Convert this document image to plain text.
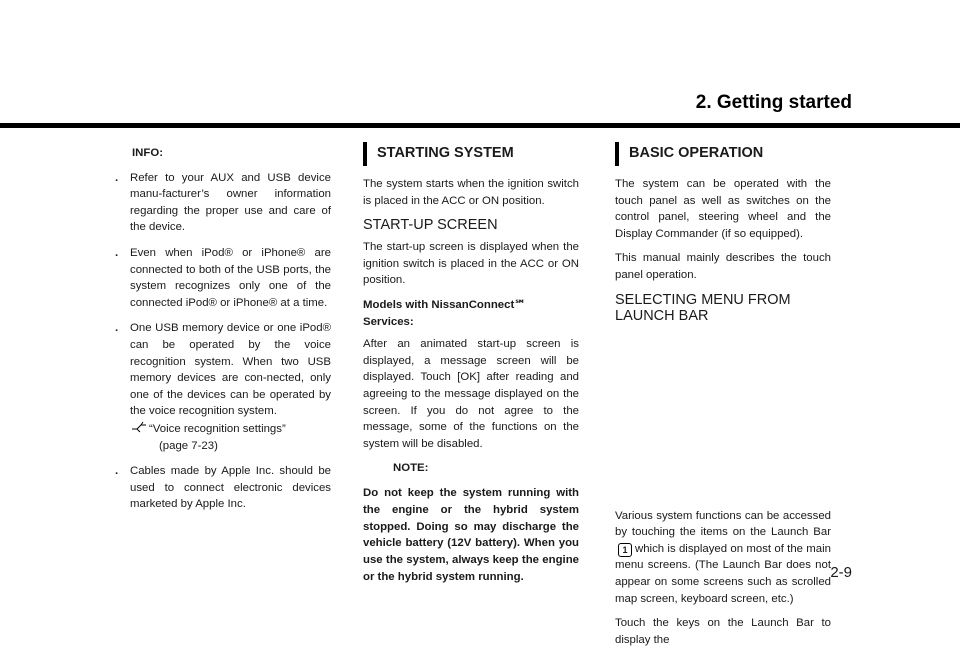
2. Getting started
INFO:
.	Refer to your AUX and USB device manu-facturer’s owner information regarding the proper use and care of the device.
.	Even when iPod® or iPhone® are connected to both of the USB ports, the system recognizes only one of the connected iPod® or iPhone® at a time.
.	One USB memory device or one iPod® can be operated by the voice recognition system. When two USB memory devices are con-nected, only one of the devices can be operated by the voice recognition system.
“Voice recognition settings”
(page 7-23)
.	Cables made by Apple Inc. should be used to connect electronic devices marketed by Apple Inc.
STARTING SYSTEM

The system starts when the ignition switch is placed in the ACC or ON position.

START-UP SCREEN

The start-up screen is displayed when the ignition switch is placed in the ACC or ON position.

Models with NissanConnect℠ Services:

After an animated start-up screen is displayed, a message screen will be displayed. Touch [OK] after reading and agreeing to the message displayed on the screen. If you do not agree to the message, some of the functions on the system will be disabled.

NOTE:

Do not keep the system running with the engine or the hybrid system stopped. Doing so may discharge the vehicle battery (12V battery). When you use the system, always keep the engine or the hybrid system running.

BASIC OPERATION

The system can be operated with the touch panel as well as switches on the control panel, steering wheel and the Display Commander (if so equipped).

This manual mainly describes the touch panel operation.

SELECTING MENU FROM LAUNCH BAR

Various system functions can be accessed by touching the items on the Launch Bar1 which is displayed on most of the main menu screens. (The Launch Bar does not appear on some screens such as scrolled map screen, keyboard screen, etc.)

Touch the keys on the Launch Bar to display the

2-9
